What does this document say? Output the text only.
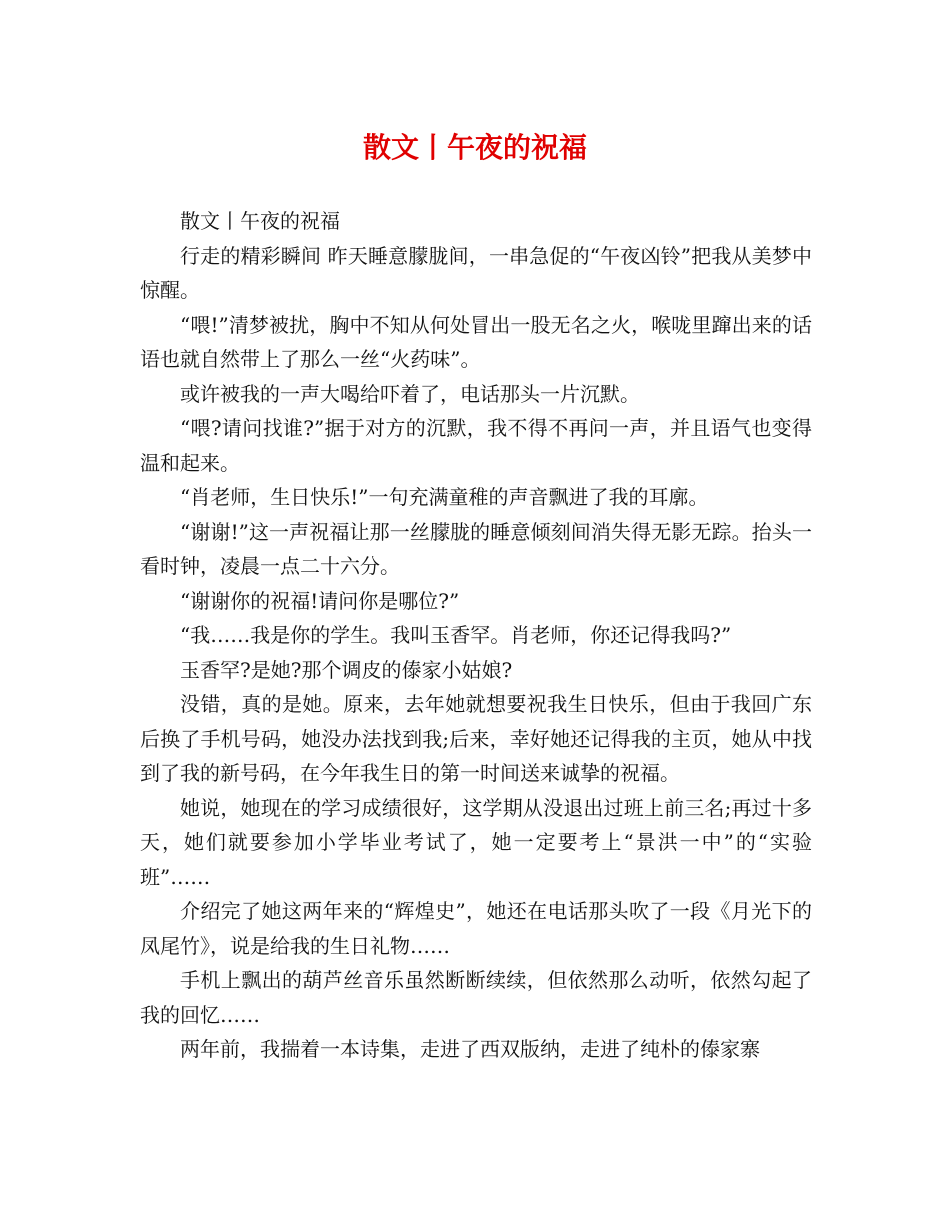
散文丨午夜的祝福

散文丨午夜的祝福

行走的精彩瞬间 昨天睡意朦胧间，一串急促的“午夜凶铃”把我从美梦中惊醒。

“喂!”清梦被扰，胸中不知从何处冒出一股无名之火，喉咙里蹿出来的话语也就自然带上了那么一丝“火药味”。

或许被我的一声大喝给吓着了，电话那头一片沉默。

“喂?请问找谁?”据于对方的沉默，我不得不再问一声，并且语气也变得温和起来。

“肖老师，生日快乐!”一句充满童稚的声音飘进了我的耳廓。

“谢谢!”这一声祝福让那一丝朦胧的睡意倾刻间消失得无影无踪。抬头一看时钟，凌晨一点二十六分。

“谢谢你的祝福!请问你是哪位?”

“我……我是你的学生。我叫玉香罕。肖老师，你还记得我吗?”

玉香罕?是她?那个调皮的傣家小姑娘?

没错，真的是她。原来，去年她就想要祝我生日快乐，但由于我回广东后换了手机号码，她没办法找到我;后来，幸好她还记得我的主页，她从中找到了我的新号码，在今年我生日的第一时间送来诚挚的祝福。

她说，她现在的学习成绩很好，这学期从没退出过班上前三名;再过十多天，她们就要参加小学毕业考试了，她一定要考上“景洪一中”的“实验班”……

介绍完了她这两年来的“辉煌史”，她还在电话那头吹了一段《月光下的凤尾竹》，说是给我的生日礼物……

手机上飘出的葫芦丝音乐虽然断断续续，但依然那么动听，依然勾起了我的回忆……

两年前，我揣着一本诗集，走进了西双版纳，走进了纯朴的傣家寨
